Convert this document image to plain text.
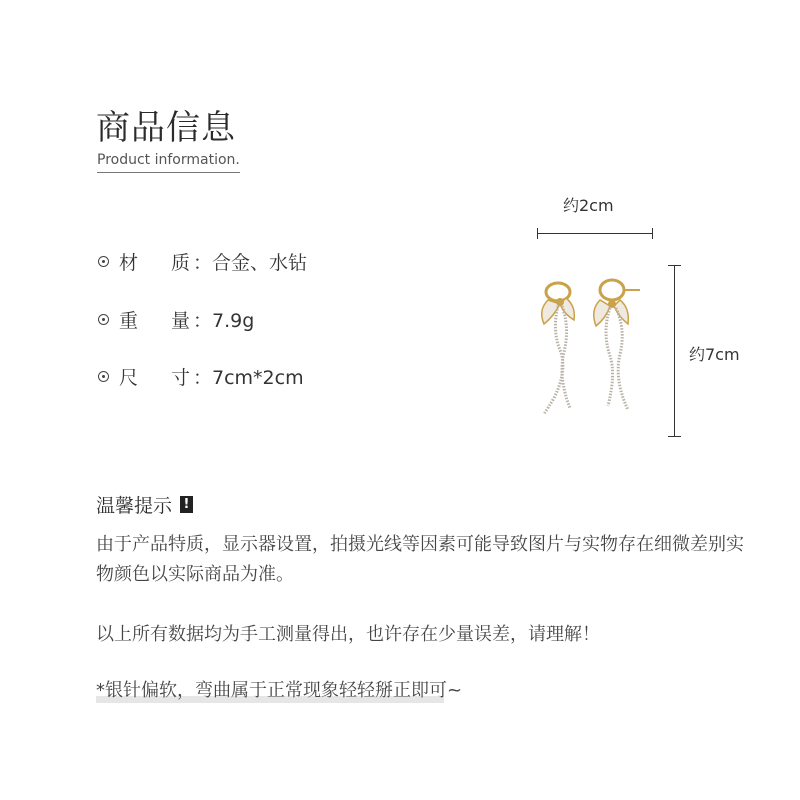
商品信息
Product information.
材	质 ：合金、水钻
重	量 ：7.9g
尺	寸 ：7cm*2cm
约2cm
约7cm
温馨提示 !
由于产品特质，显示器设置，拍摄光线等因素可能导致图片与实物存在细微差别实物颜色以实际商品为准。
以上所有数据均为手工测量得出，也许存在少量误差，请理解！
*银针偏软，弯曲属于正常现象轻轻掰正即可~
